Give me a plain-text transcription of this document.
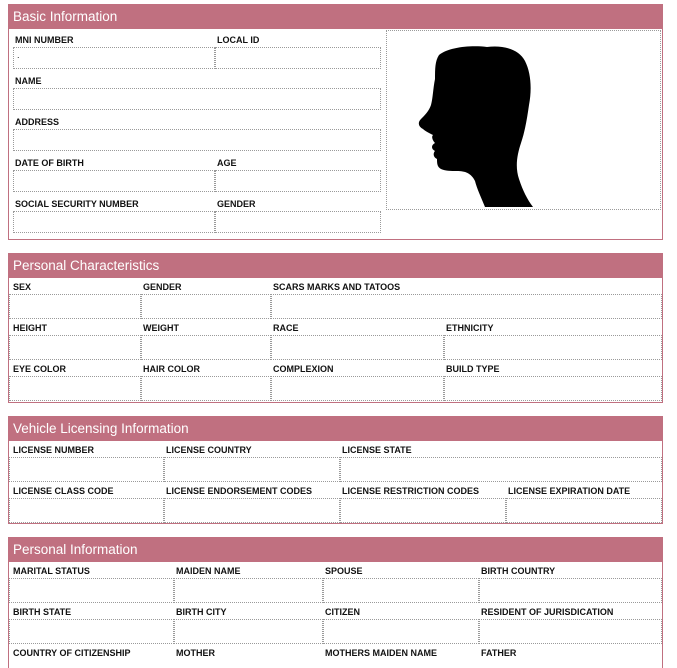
Basic Information
MNI NUMBER	LOCAL ID
.
NAME
ADDRESS
DATE OF BIRTH	AGE
SOCIAL SECURITY NUMBER	GENDER
Personal Characteristics
SEX	GENDER	SCARS MARKS AND TATOOS
HEIGHT	WEIGHT	RACE	ETHNICITY
EYE COLOR	HAIR COLOR	COMPLEXION	BUILD TYPE
Vehicle Licensing Information
LICENSE NUMBER	LICENSE COUNTRY	LICENSE STATE
LICENSE CLASS CODE	LICENSE ENDORSEMENT CODES	LICENSE RESTRICTION CODES	LICENSE EXPIRATION DATE
Personal Information
MARITAL STATUS	MAIDEN NAME	SPOUSE	BIRTH COUNTRY
BIRTH STATE	BIRTH CITY	CITIZEN	RESIDENT OF JURISDICATION
COUNTRY OF CITIZENSHIP	MOTHER	MOTHERS MAIDEN NAME	FATHER
